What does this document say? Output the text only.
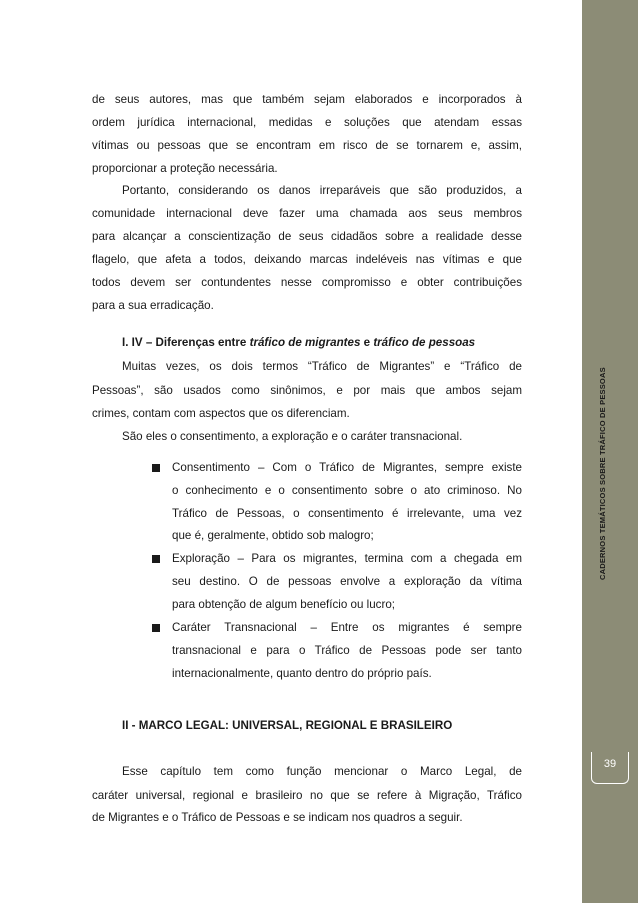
de seus autores, mas que também sejam elaborados e incorporados à
ordem jurídica internacional, medidas e soluções que atendam essas
vítimas ou pessoas que se encontram em risco de se tornarem e, assim,
proporcionar a proteção necessária.
Portanto, considerando os danos irreparáveis que são produzidos, a
comunidade internacional deve fazer uma chamada aos seus membros
para alcançar a conscientização de seus cidadãos sobre a realidade desse
flagelo, que afeta a todos, deixando marcas indeléveis nas vítimas e que
todos devem ser contundentes nesse compromisso e obter contribuições
para a sua erradicação.
I. IV – Diferenças entre tráfico de migrantes e tráfico de pessoas
Muitas vezes, os dois termos “Tráfico de Migrantes” e “Tráfico de
Pessoas”, são usados como sinônimos, e por mais que ambos sejam
crimes, contam com aspectos que os diferenciam.
São eles o consentimento, a exploração e o caráter transnacional.
Consentimento – Com o Tráfico de Migrantes, sempre existe
o conhecimento e o consentimento sobre o ato criminoso. No
Tráfico de Pessoas, o consentimento é irrelevante, uma vez
que é, geralmente, obtido sob malogro;
Exploração – Para os migrantes, termina com a chegada em
seu destino. O de pessoas envolve a exploração da vítima
para obtenção de algum benefício ou lucro;
Caráter Transnacional – Entre os migrantes é sempre
transnacional e para o Tráfico de Pessoas pode ser tanto
internacionalmente, quanto dentro do próprio país.
II - MARCO LEGAL: UNIVERSAL, REGIONAL E BRASILEIRO
Esse capítulo tem como função mencionar o Marco Legal, de
caráter universal, regional e brasileiro no que se refere à Migração, Tráfico
de Migrantes e o Tráfico de Pessoas e se indicam nos quadros a seguir.
CADERNOS TEMÁTICOS SOBRE TRÁFICO DE PESSOAS
39
